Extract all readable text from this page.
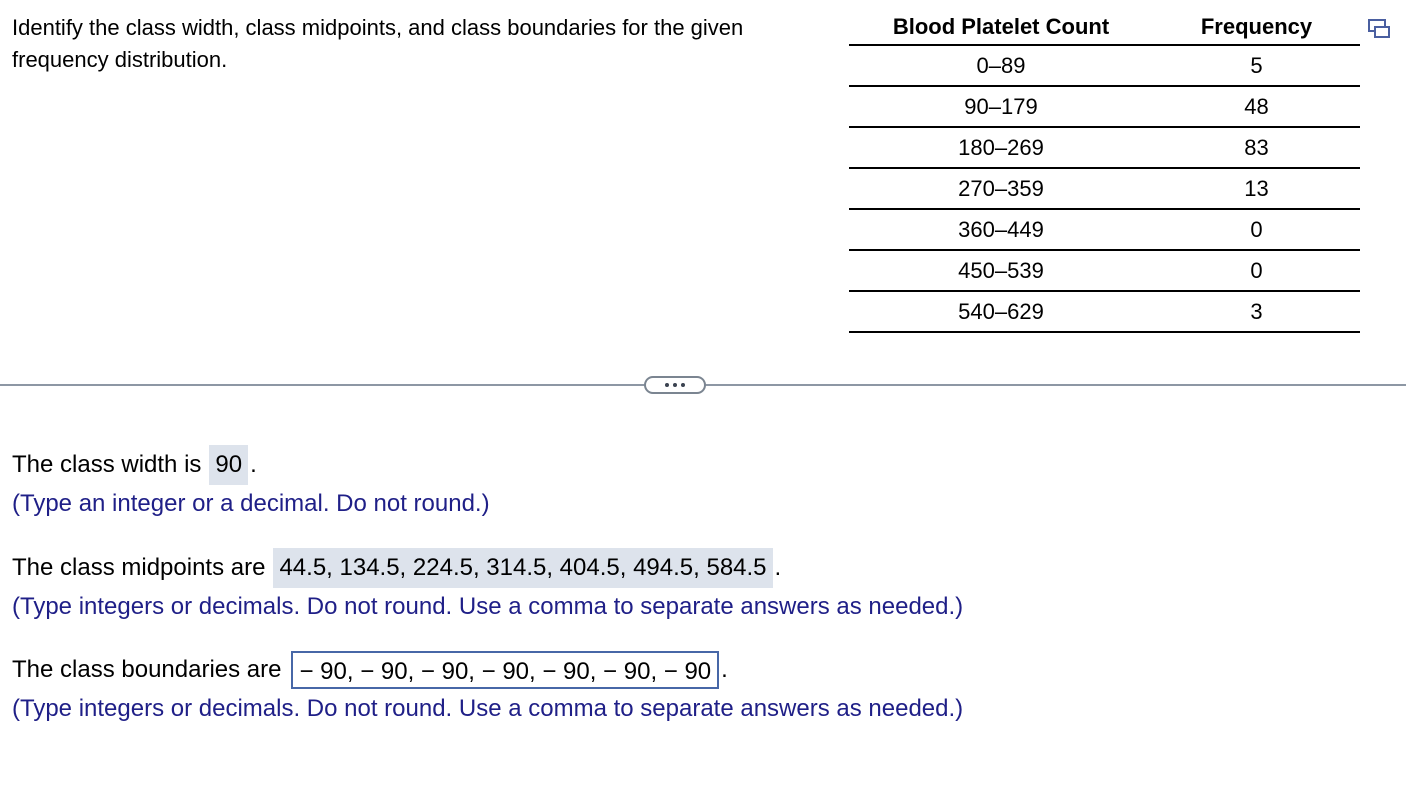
Identify the class width, class midpoints, and class boundaries for the given frequency distribution.

Blood Platelet Count	Frequency
0–89	5
90–179	48
180–269	83
270–359	13
360–449	0
450–539	0
540–629	3
The class width is 90 .
(Type an integer or a decimal. Do not round.)
The class midpoints are 44.5, 134.5, 224.5, 314.5, 404.5, 494.5, 584.5 .
(Type integers or decimals. Do not round. Use a comma to separate answers as needed.)
The class boundaries are − 90, − 90, − 90, − 90, − 90, − 90, − 90 .
(Type integers or decimals. Do not round. Use a comma to separate answers as needed.)
